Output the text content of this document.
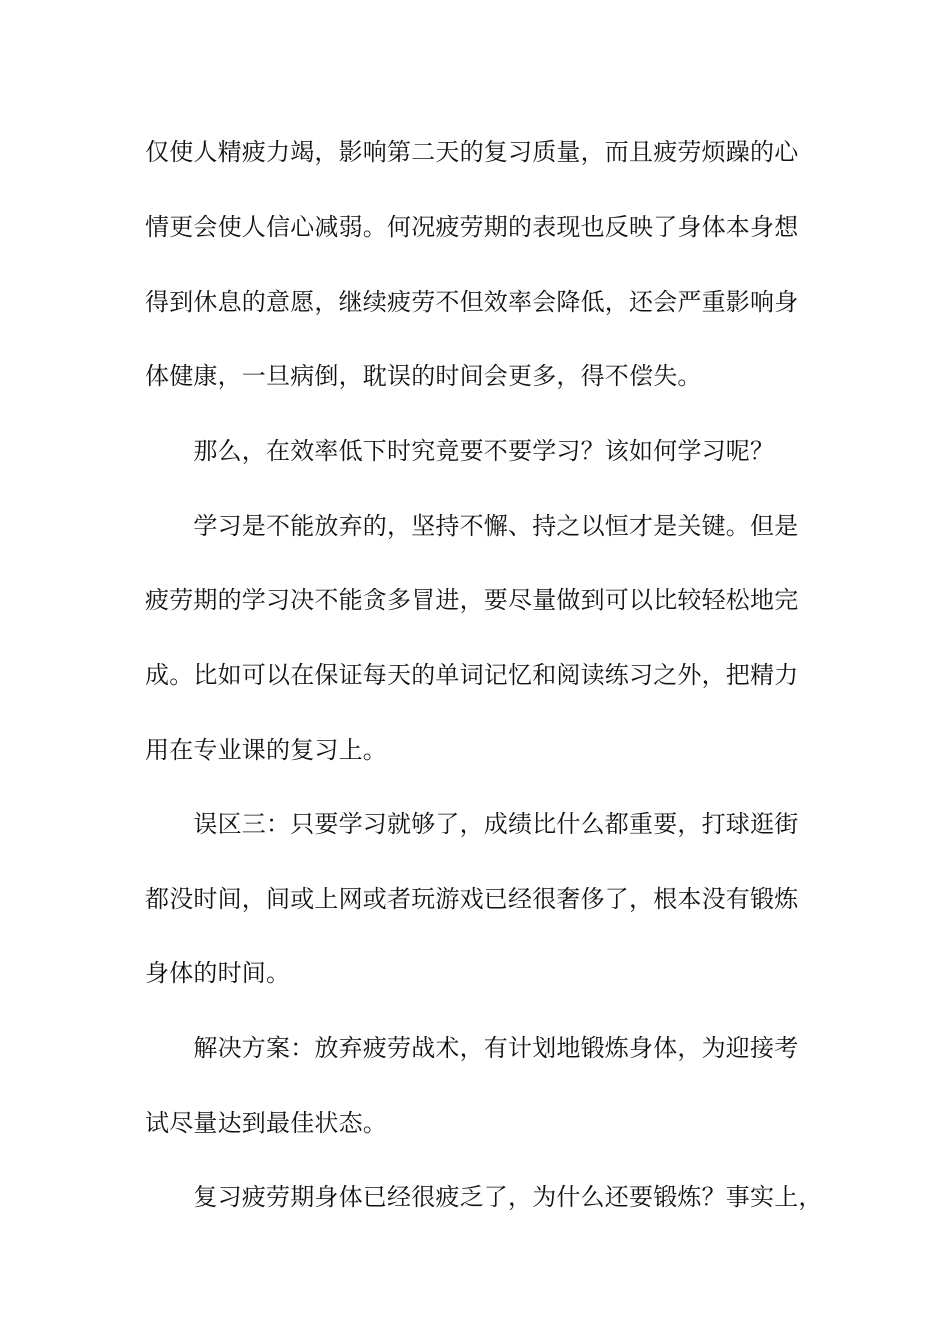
仅使人精疲力竭，影响第二天的复习质量，而且疲劳烦躁的心
情更会使人信心减弱。何况疲劳期的表现也反映了身体本身想
得到休息的意愿，继续疲劳不但效率会降低，还会严重影响身
体健康，一旦病倒，耽误的时间会更多，得不偿失。
　　那么，在效率低下时究竟要不要学习？该如何学习呢？
　　学习是不能放弃的，坚持不懈、持之以恒才是关键。但是
疲劳期的学习决不能贪多冒进，要尽量做到可以比较轻松地完
成。比如可以在保证每天的单词记忆和阅读练习之外，把精力
用在专业课的复习上。
　　误区三：只要学习就够了，成绩比什么都重要，打球逛街
都没时间，间或上网或者玩游戏已经很奢侈了，根本没有锻炼
身体的时间。
　　解决方案：放弃疲劳战术，有计划地锻炼身体，为迎接考
试尽量达到最佳状态。
　　复习疲劳期身体已经很疲乏了，为什么还要锻炼？事实上，
